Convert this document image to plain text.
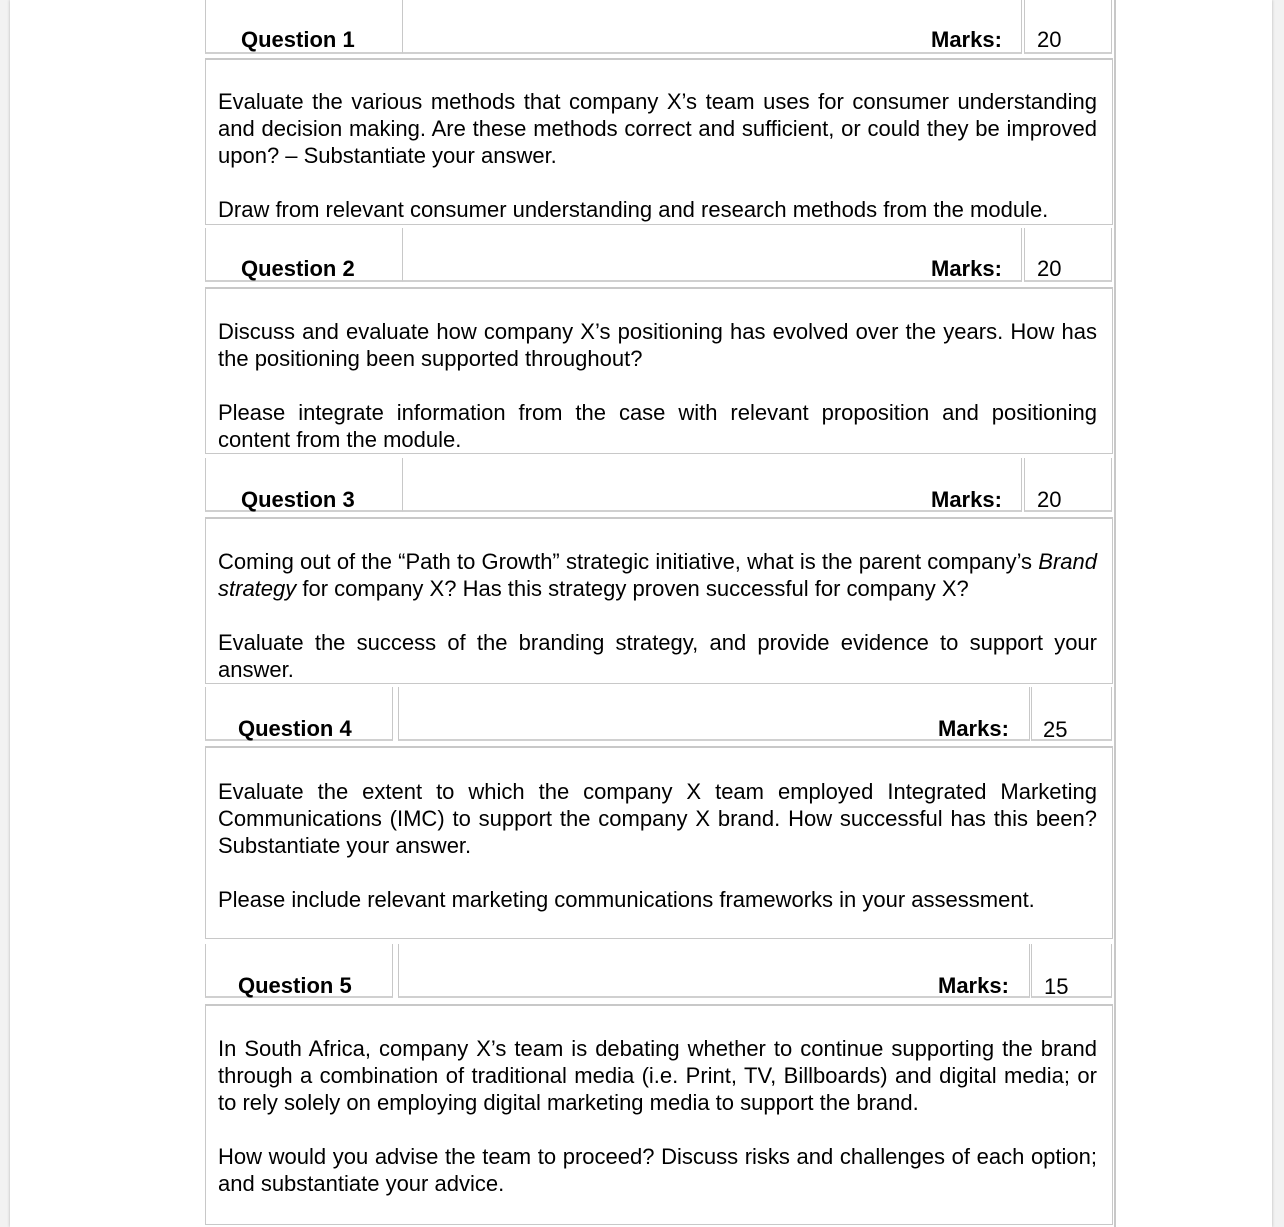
Question 1	Marks: 20
Evaluate the various methods that company X’s team uses for consumer understanding and decision making. Are these methods correct and sufficient, or could they be improved upon? – Substantiate your answer.
Draw from relevant consumer understanding and research methods from the module.
Question 2	Marks: 20
Discuss and evaluate how company X’s positioning has evolved over the years. How has the positioning been supported throughout?
Please integrate information from the case with relevant proposition and positioning content from the module.
Question 3	Marks: 20
Coming out of the “Path to Growth” strategic initiative, what is the parent company’s Brand strategy for company X? Has this strategy proven successful for company X?
Evaluate the success of the branding strategy, and provide evidence to support your answer.
Question 4	Marks: 25
Evaluate the extent to which the company X team employed Integrated Marketing Communications (IMC) to support the company X brand. How successful has this been? Substantiate your answer.
Please include relevant marketing communications frameworks in your assessment.
Question 5	Marks: 15
In South Africa, company X’s team is debating whether to continue supporting the brand through a combination of traditional media (i.e. Print, TV, Billboards) and digital media; or to rely solely on employing digital marketing media to support the brand.
How would you advise the team to proceed? Discuss risks and challenges of each option; and substantiate your advice.
